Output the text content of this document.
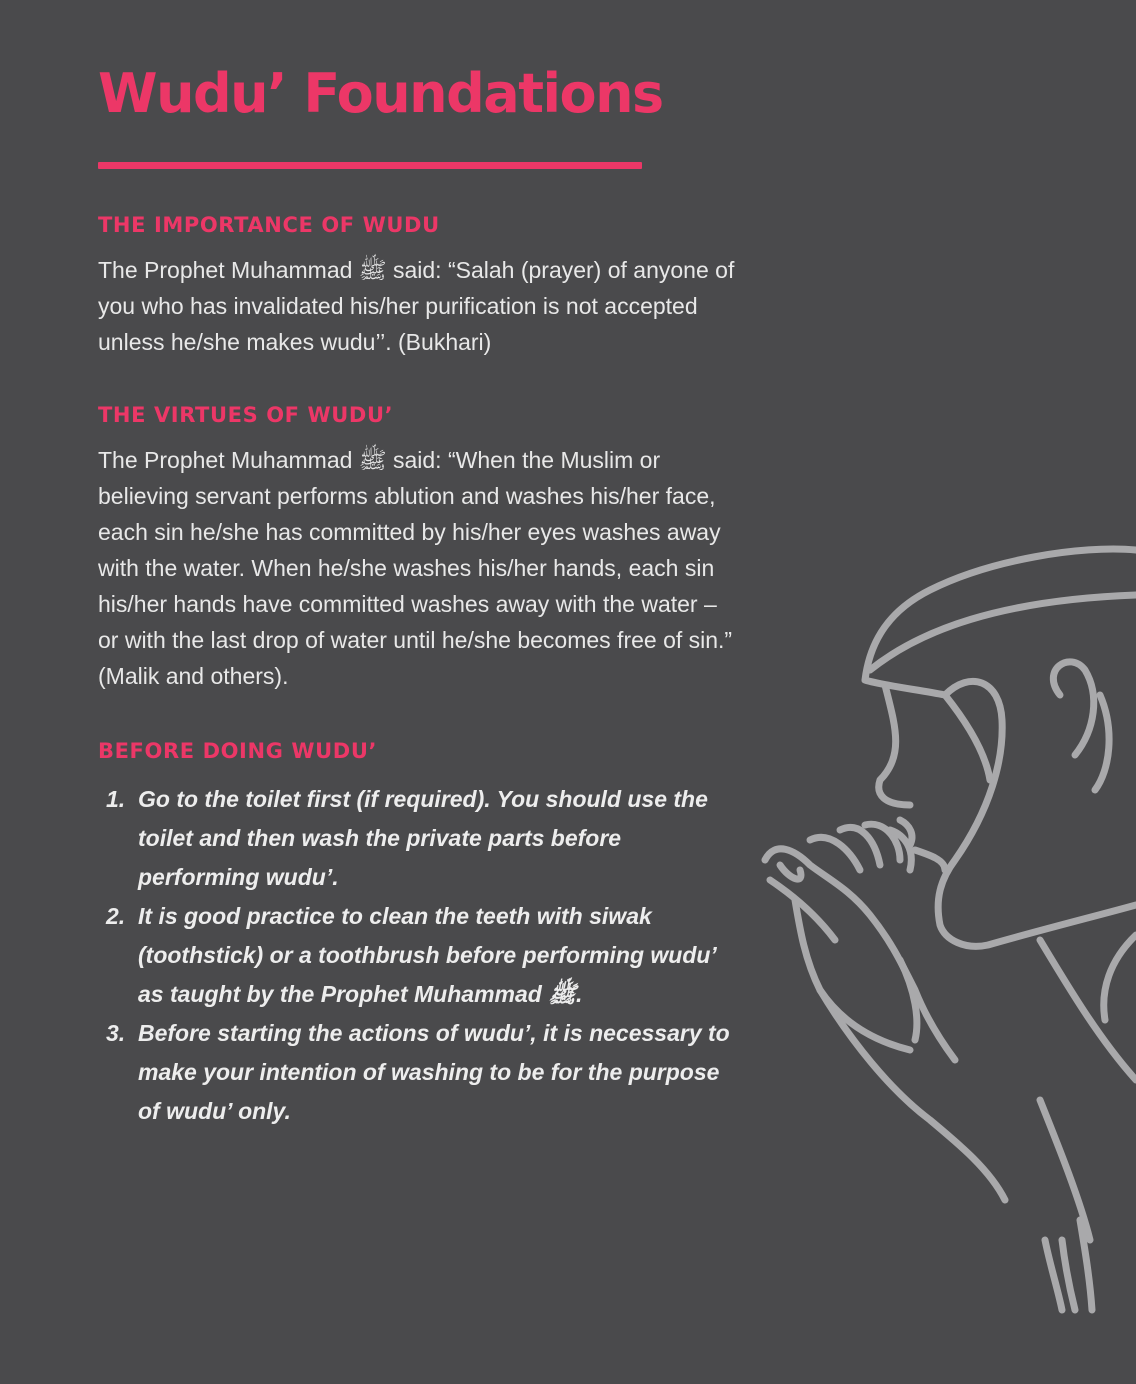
Wudu’ Foundations
THE IMPORTANCE OF WUDU

The Prophet Muhammad ﷺ said: “Salah (prayer) of anyone of you who has invalidated his/her purification is not accepted unless he/she makes wudu’’. (Bukhari)

THE VIRTUES OF WUDU’

The Prophet Muhammad ﷺ said: “When the Muslim or believing servant performs ablution and washes his/her face, each sin he/she has committed by his/her eyes washes away with the water. When he/she washes his/her hands, each sin his/her hands have committed washes away with the water – or with the last drop of water until he/she becomes free of sin.” (Malik and others).

BEFORE DOING WUDU’
1. Go to the toilet first (if required). You should use the toilet and then wash the private parts before performing wudu’.
2. It is good practice to clean the teeth with siwak (toothstick) or a toothbrush before performing wudu’ as taught by the Prophet Muhammad ﷺ.
3. Before starting the actions of wudu’, it is necessary to make your intention of washing to be for the purpose of wudu’ only.
